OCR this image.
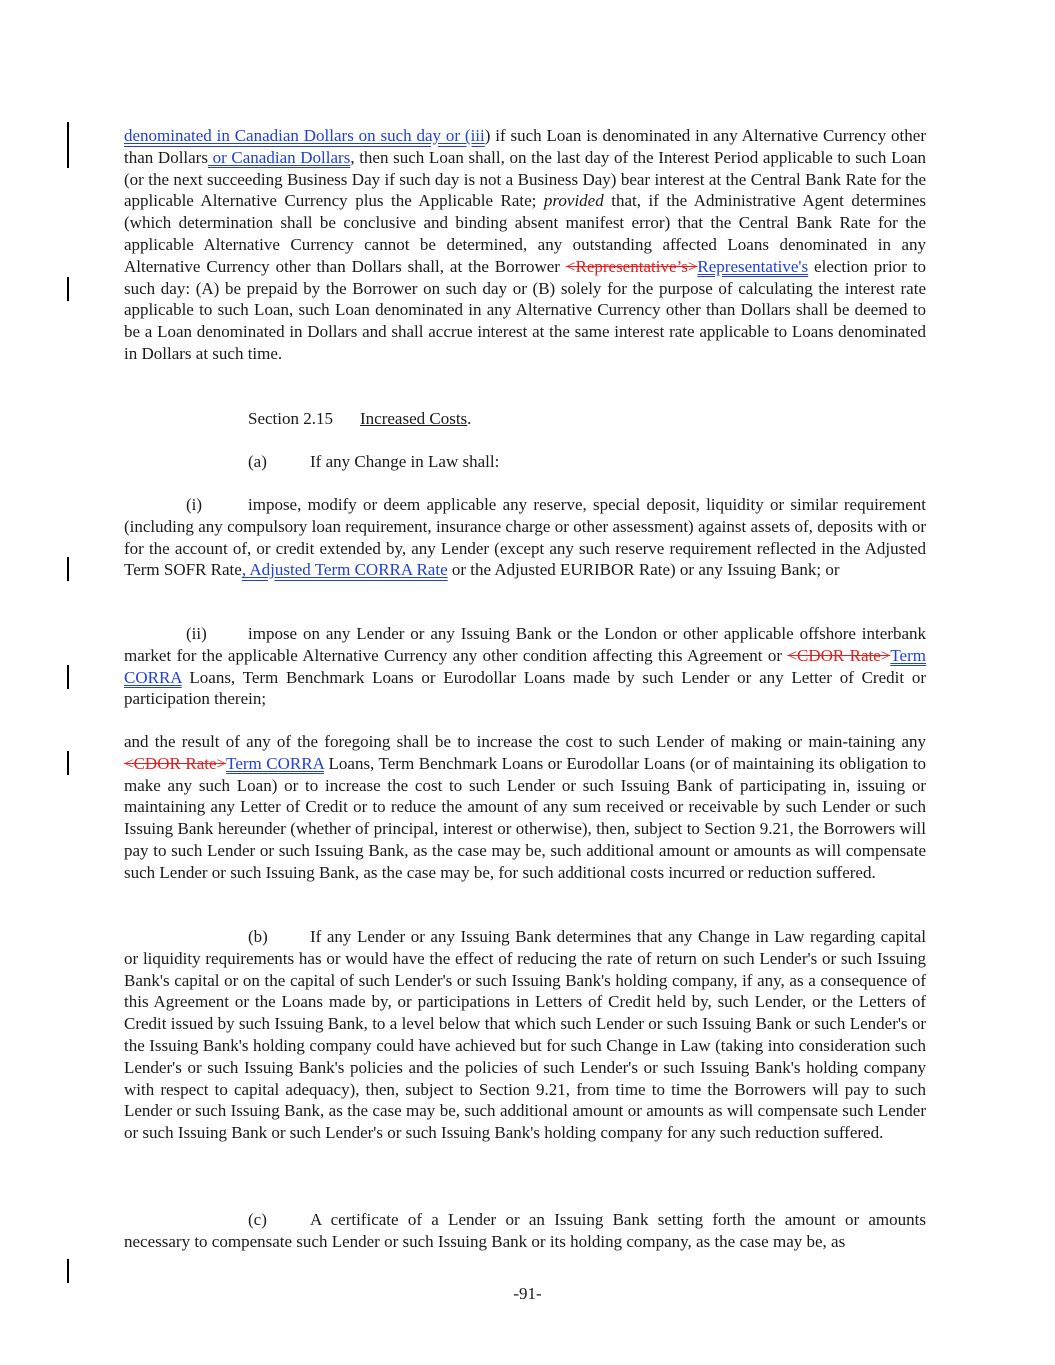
denominated in Canadian Dollars on such day or (iii) if such Loan is denominated in any Alternative Currency other than Dollars or Canadian Dollars, then such Loan shall, on the last day of the Interest Period applicable to such Loan (or the next succeeding Business Day if such day is not a Business Day) bear interest at the Central Bank Rate for the applicable Alternative Currency plus the Applicable Rate; provided that, if the Administrative Agent determines (which determination shall be conclusive and binding absent manifest error) that the Central Bank Rate for the applicable Alternative Currency cannot be determined, any outstanding affected Loans denominated in any Alternative Currency other than Dollars shall, at the Borrower <Representative’s>Representative's election prior to such day: (A) be prepaid by the Borrower on such day or (B) solely for the purpose of calculating the interest rate applicable to such Loan, such Loan denominated in any Alternative Currency other than Dollars shall be deemed to be a Loan denominated in Dollars and shall accrue interest at the same interest rate applicable to Loans denominated in Dollars at such time.

Section 2.15 Increased Costs.

(a)	If any Change in Law shall:

(i)	impose, modify or deem applicable any reserve, special deposit, liquidity or similar requirement (including any compulsory loan requirement, insurance charge or other assessment) against assets of, deposits with or for the account of, or credit extended by, any Lender (except any such reserve requirement reflected in the Adjusted Term SOFR Rate, Adjusted Term CORRA Rate or the Adjusted EURIBOR Rate) or any Issuing Bank; or

(ii) impose on any Lender or any Issuing Bank or the London or other applicable offshore interbank market for the applicable Alternative Currency any other condition affecting this Agreement or <CDOR Rate>Term CORRA Loans, Term Benchmark Loans or Eurodollar Loans made by such Lender or any Letter of Credit or participation therein;

and the result of any of the foregoing shall be to increase the cost to such Lender of making or main-taining any <CDOR Rate>Term CORRA Loans, Term Benchmark Loans or Eurodollar Loans (or of maintaining its obligation to make any such Loan) or to increase the cost to such Lender or such Issuing Bank of participating in, issuing or maintaining any Letter of Credit or to reduce the amount of any sum received or receivable by such Lender or such Issuing Bank hereunder (whether of principal, interest or otherwise), then, subject to Section 9.21, the Borrowers will pay to such Lender or such Issuing Bank, as the case may be, such additional amount or amounts as will compensate such Lender or such Issuing Bank, as the case may be, for such additional costs incurred or reduction suffered.

(b) If any Lender or any Issuing Bank determines that any Change in Law regarding capital or liquidity requirements has or would have the effect of reducing the rate of return on such Lender's or such Issuing Bank's capital or on the capital of such Lender's or such Issuing Bank's holding company, if any, as a consequence of this Agreement or the Loans made by, or participations in Letters of Credit held by, such Lender, or the Letters of Credit issued by such Issuing Bank, to a level below that which such Lender or such Issuing Bank or such Lender's or the Issuing Bank's holding company could have achieved but for such Change in Law (taking into consideration such Lender's or such Issuing Bank's policies and the policies of such Lender's or such Issuing Bank's holding company with respect to capital adequacy), then, subject to Section 9.21, from time to time the Borrowers will pay to such Lender or such Issuing Bank, as the case may be, such additional amount or amounts as will compensate such Lender or such Issuing Bank or such Lender's or such Issuing Bank's holding company for any such reduction suffered.

(c)	A certificate of a Lender or an Issuing Bank setting forth the amount or amounts necessary to compensate such Lender or such Issuing Bank or its holding company, as the case may be, as

-91-
